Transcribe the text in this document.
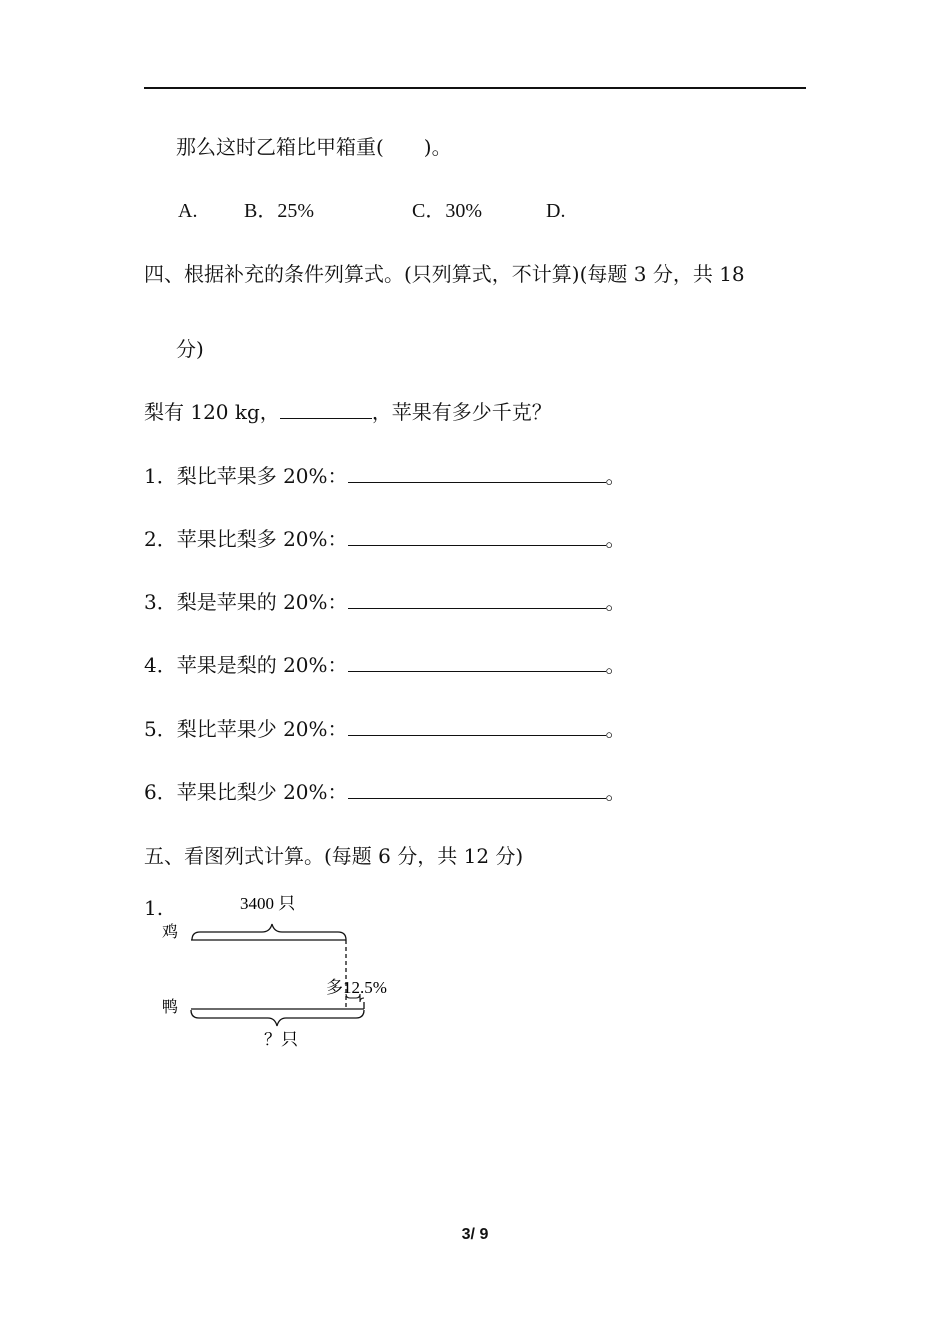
那么这时乙箱比甲箱重(　　)。
A. B．25%	C．30%	D.
四、根据补充的条件列算式。(只列算式，不计算)(每题 3 分，共 18
分)
梨有 120 kg，	，苹果有多少千克？
1．梨比苹果多 20%：	。
2．苹果比梨多 20%：	。
3．梨是苹果的 20%：	。
4．苹果是梨的 20%：	。
5．梨比苹果少 20%：	。
6．苹果比梨少 20%：	。
五、看图列式计算。(每题 6 分，共 12 分)
1.	3400 只
鸡
多12.5%
鸭
？只
3/ 9
